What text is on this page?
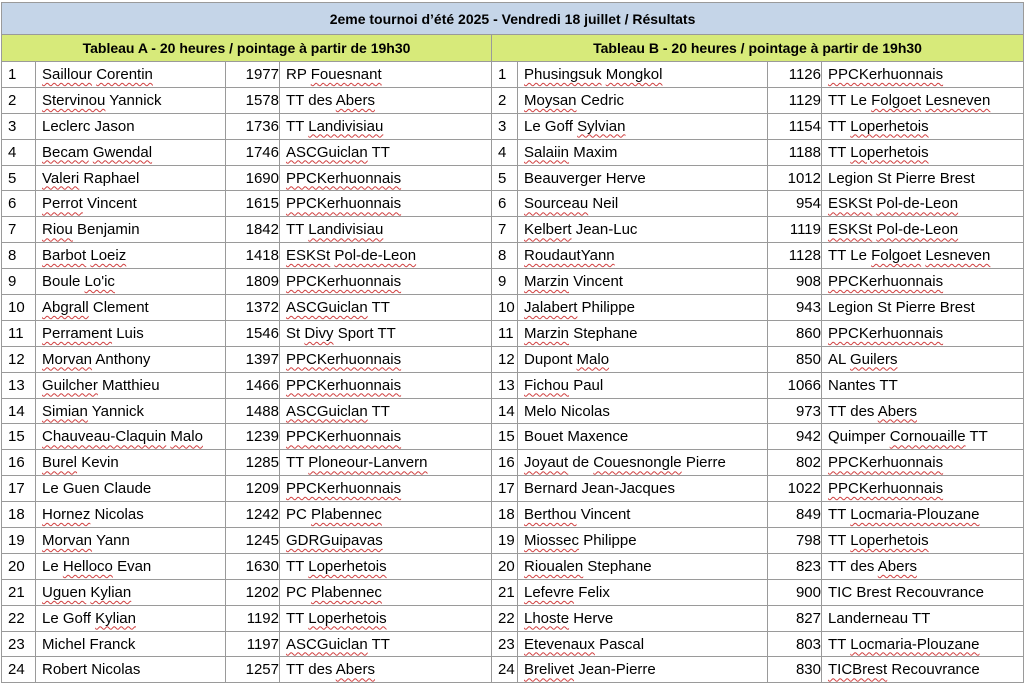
2eme tournoi d’été 2025 - Vendredi 18 juillet / Résultats							
Tableau A - 20 heures / pointage à partir de 19h30				Tableau B - 20 heures / pointage à partir de 19h30			
1	Saillour Corentin	1977	RP Fouesnant	1	Phusingsuk Mongkol	1126	PPCKerhuonnais
2	Stervinou Yannick	1578	TT des Abers	2	Moysan Cedric	1129	TT Le Folgoet Lesneven
3	Leclerc Jason	1736	TT Landivisiau	3	Le Goff Sylvian	1154	TT Loperhetois
4	Becam Gwendal	1746	ASCGuiclan TT	4	Salaiin Maxim	1188	TT Loperhetois
5	Valeri Raphael	1690	PPCKerhuonnais	5	Beauverger Herve	1012	Legion St Pierre Brest
6	Perrot Vincent	1615	PPCKerhuonnais	6	Sourceau Neil	954	ESKSt Pol-de-Leon
7	Riou Benjamin	1842	TT Landivisiau	7	Kelbert Jean-Luc	1119	ESKSt Pol-de-Leon
8	Barbot Loeiz	1418	ESKSt Pol-de-Leon	8	RoudautYann	1128	TT Le Folgoet Lesneven
9	Boule Lo'ic	1809	PPCKerhuonnais	9	Marzin Vincent	908	PPCKerhuonnais
10	Abgrall Clement	1372	ASCGuiclan TT	10	Jalabert Philippe	943	Legion St Pierre Brest
11	Perrament Luis	1546	St Divy Sport TT	11	Marzin Stephane	860	PPCKerhuonnais
12	Morvan Anthony	1397	PPCKerhuonnais	12	Dupont Malo	850	AL Guilers
13	Guilcher Matthieu	1466	PPCKerhuonnais	13	Fichou Paul	1066	Nantes TT
14	Simian Yannick	1488	ASCGuiclan TT	14	Melo Nicolas	973	TT des Abers
15	Chauveau-Claquin Malo	1239	PPCKerhuonnais	15	Bouet Maxence	942	Quimper Cornouaille TT
16	Burel Kevin	1285	TT Ploneour-Lanvern	16	Joyaut de Couesnongle Pierre	802	PPCKerhuonnais
17	Le Guen Claude	1209	PPCKerhuonnais	17	Bernard Jean-Jacques	1022	PPCKerhuonnais
18	Hornez Nicolas	1242	PC Plabennec	18	Berthou Vincent	849	TT Locmaria-Plouzane
19	Morvan Yann	1245	GDRGuipavas	19	Miossec Philippe	798	TT Loperhetois
20	Le Helloco Evan	1630	TT Loperhetois	20	Rioualen Stephane	823	TT des Abers
21	Uguen Kylian	1202	PC Plabennec	21	Lefevre Felix	900	TIC Brest Recouvrance
22	Le Goff Kylian	1192	TT Loperhetois	22	Lhoste Herve	827	Landerneau TT
23	Michel Franck	1197	ASCGuiclan TT	23	Etevenaux Pascal	803	TT Locmaria-Plouzane
24	Robert Nicolas	1257	TT des Abers	24	Brelivet Jean-Pierre	830	TICBrest Recouvrance
